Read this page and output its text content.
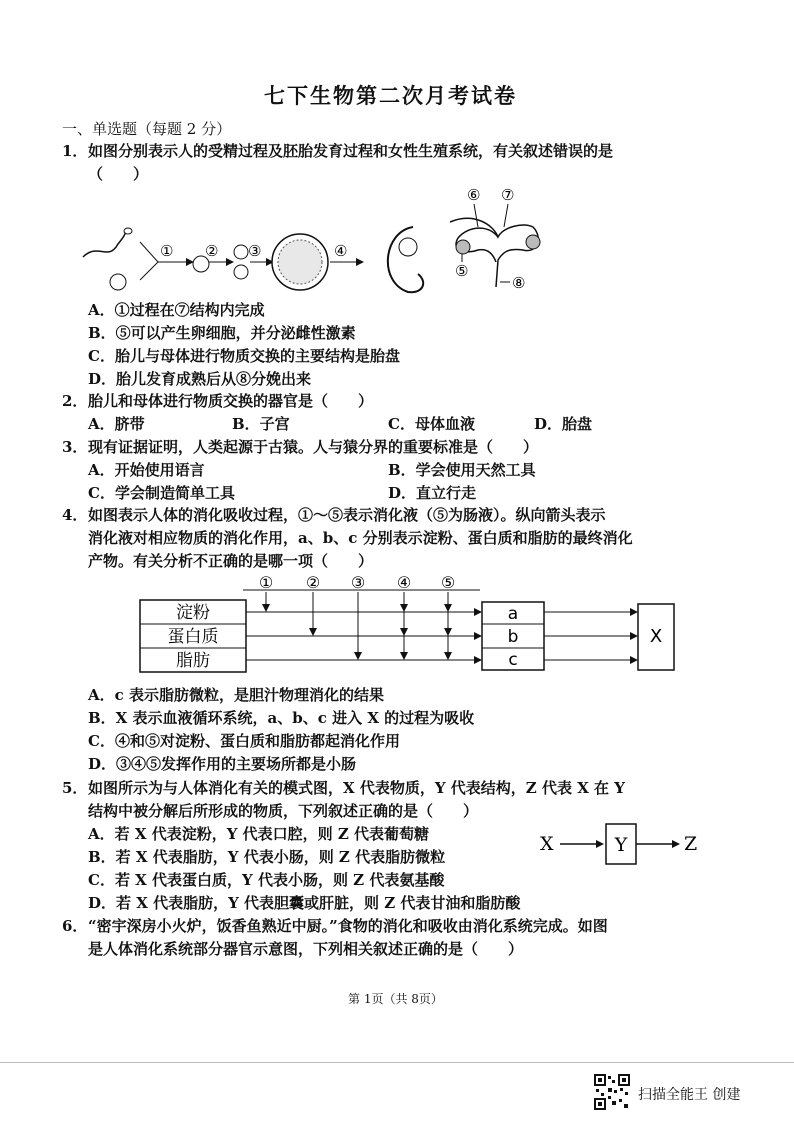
七下生物第二次月考试卷
一、单选题（每题 2 分）
1． 如图分别表示人的受精过程及胚胎发育过程和女性生殖系统，有关叙述错误的是
（　　）
① ② ③	④
⑥ ⑦
⑤
⑧
A．①过程在⑦结构内完成
B．⑤可以产生卵细胞，并分泌雌性激素
C．胎儿与母体进行物质交换的主要结构是胎盘
D．胎儿发育成熟后从⑧分娩出来
2． 胎儿和母体进行物质交换的器官是（　　）
A．脐带	B．子宫	C．母体血液	D．胎盘
3． 现有证据证明，人类起源于古猿。人与猿分界的重要标准是（　　）
A．开始使用语言	B．学会使用天然工具
C．学会制造简单工具	D．直立行走
4． 如图表示人体的消化吸收过程，①～⑤表示消化液（⑤为肠液）。纵向箭头表示
消化液对相应物质的消化作用，a、b、c 分别表示淀粉、蛋白质和脂肪的最终消化
产物。有关分析不正确的是哪一项（　　）
① ② ③ ④ ⑤
淀粉
蛋白质
脂肪
a
b
c
X
A．c 表示脂肪微粒，是胆汁物理消化的结果
B．X 表示血液循环系统，a、b、c 进入 X 的过程为吸收
C．④和⑤对淀粉、蛋白质和脂肪都起消化作用
D．③④⑤发挥作用的主要场所都是小肠
5． 如图所示为与人体消化有关的模式图，X 代表物质，Y 代表结构，Z 代表 X 在 Y
结构中被分解后所形成的物质，下列叙述正确的是（　　）
A．若 X 代表淀粉，Y 代表口腔，则 Z 代表葡萄糖
B．若 X 代表脂肪，Y 代表小肠，则 Z 代表脂肪微粒
C．若 X 代表蛋白质，Y 代表小肠，则 Z 代表氨基酸
D．若 X 代表脂肪，Y 代表胆囊或肝脏，则 Z 代表甘油和脂肪酸
X	Y	Z
6． “密宇深房小火炉，饭香鱼熟近中厨。”食物的消化和吸收由消化系统完成。如图
是人体消化系统部分器官示意图，下列相关叙述正确的是（　　）
第 1页（共 8页）
扫描全能王 创建
